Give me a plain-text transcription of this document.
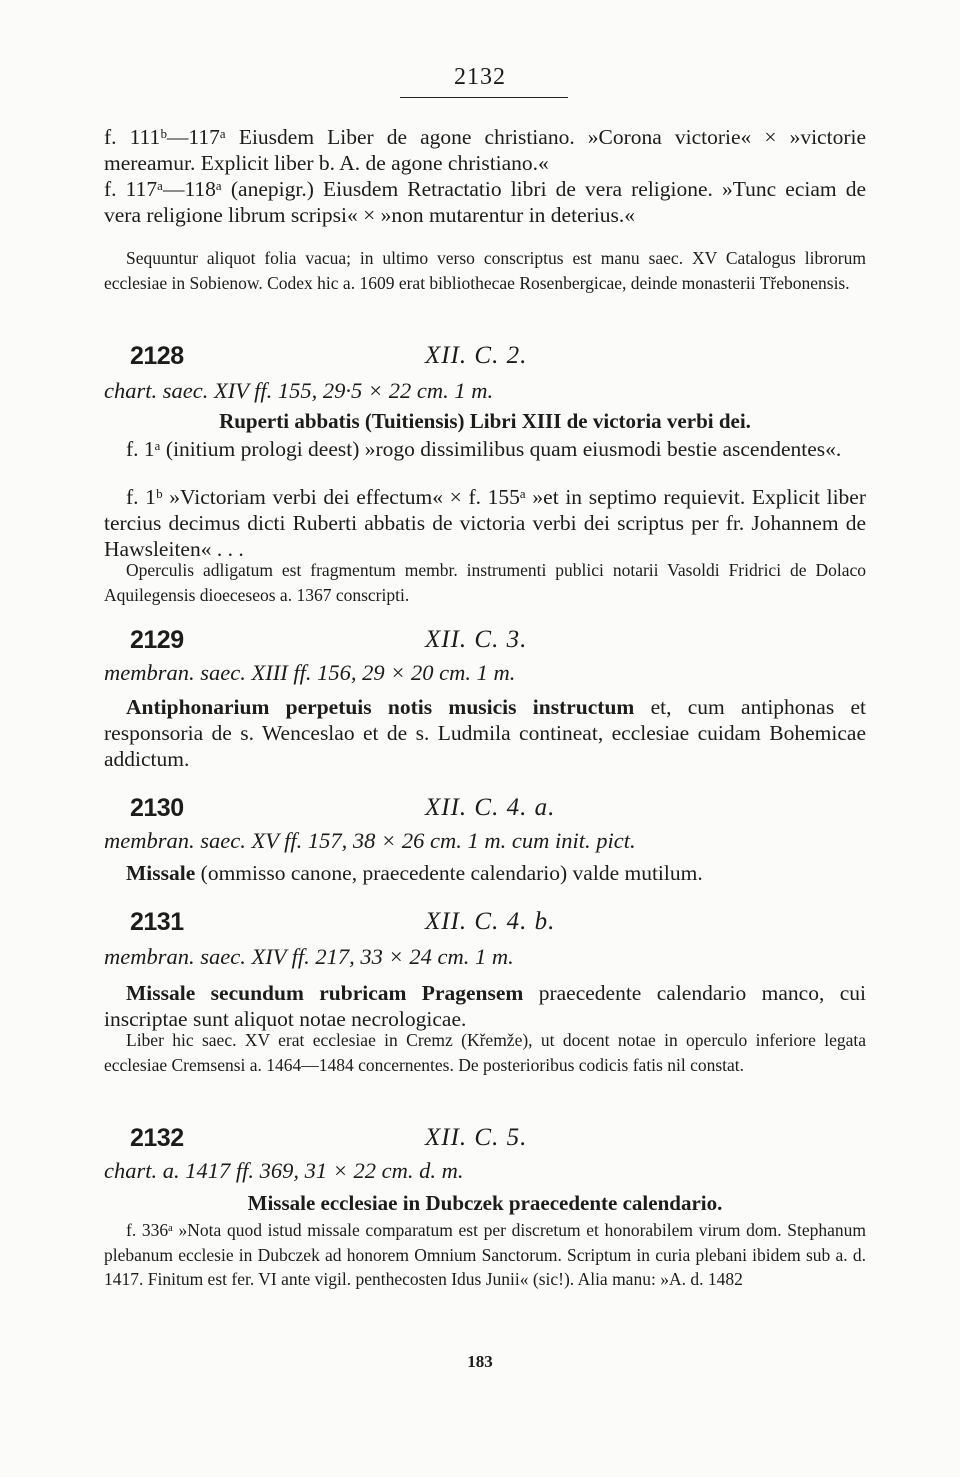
2132
f. 111ᵇ—117ᵃ Eiusdem Liber de agone christiano. »Corona victorie« × »victorie mereamur. Explicit liber b. A. de agone christiano.«
f. 117ᵃ—118ᵃ (anepigr.) Eiusdem Retractatio libri de vera religione. »Tunc eciam de vera religione librum scripsi« × »non mutarentur in deterius.«
Sequuntur aliquot folia vacua; in ultimo verso conscriptus est manu saec. XV Catalogus librorum ecclesiae in Sobienow. Codex hic a. 1609 erat bibliothecae Rosenbergicae, deinde monasterii Třebonensis.
2128	XII. C. 2.
chart. saec. XIV ff. 155, 29·5 × 22 cm. 1 m.
Ruperti abbatis (Tuitiensis) Libri XIII de victoria verbi dei.
f. 1ᵃ (initium prologi deest) »rogo dissimilibus quam eiusmodi bestie ascendentes«.
f. 1ᵇ »Victoriam verbi dei effectum« × f. 155ᵃ »et in septimo requievit. Explicit liber tercius decimus dicti Ruberti abbatis de victoria verbi dei scriptus per fr. Johannem de Hawsleiten« . . .
Operculis adligatum est fragmentum membr. instrumenti publici notarii Vasoldi Fridrici de Dolaco Aquilegensis dioeceseos a. 1367 conscripti.
2129	XII. C. 3.
membran. saec. XIII ff. 156, 29 × 20 cm. 1 m.
Antiphonarium perpetuis notis musicis instructum et, cum antiphonas et responsoria de s. Wenceslao et de s. Ludmila contineat, ecclesiae cuidam Bohemicae addictum.
2130	XII. C. 4. a.
membran. saec. XV ff. 157, 38 × 26 cm. 1 m. cum init. pict.
Missale (ommisso canone, praecedente calendario) valde mutilum.
2131	XII. C. 4. b.
membran. saec. XIV ff. 217, 33 × 24 cm. 1 m.
Missale secundum rubricam Pragensem praecedente calendario manco, cui inscriptae sunt aliquot notae necrologicae.
Liber hic saec. XV erat ecclesiae in Cremz (Křemže), ut docent notae in operculo inferiore legata ecclesiae Cremsensi a. 1464—1484 concernentes. De posterioribus codicis fatis nil constat.
2132	XII. C. 5.
chart. a. 1417 ff. 369, 31 × 22 cm. d. m.
Missale ecclesiae in Dubczek praecedente calendario.
f. 336ᵃ »Nota quod istud missale comparatum est per discretum et honorabilem virum dom. Stephanum plebanum ecclesie in Dubczek ad honorem Omnium Sanctorum. Scriptum in curia plebani ibidem sub a. d. 1417. Finitum est fer. VI ante vigil. penthecosten Idus Junii« (sic!). Alia manu: »A. d. 1482
183
